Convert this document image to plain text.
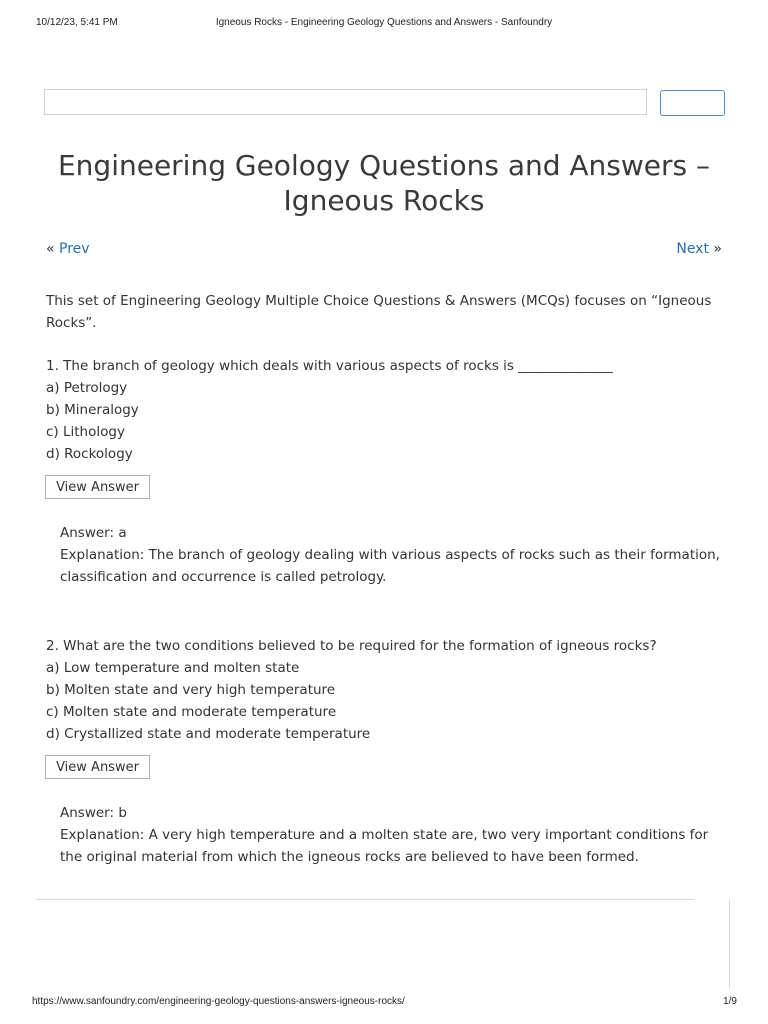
10/12/23, 5:41 PM	Igneous Rocks - Engineering Geology Questions and Answers - Sanfoundry
Engineering Geology Questions and Answers – Igneous Rocks
« Prev	Next »

This set of Engineering Geology Multiple Choice Questions & Answers (MCQs) focuses on “Igneous Rocks”.

1. The branch of geology which deals with various aspects of rocks is ______________

a) Petrology

b) Mineralogy

c) Lithology

d) Rockology

View Answer

Answer: a

Explanation: The branch of geology dealing with various aspects of rocks such as their formation, classification and occurrence is called petrology.

2. What are the two conditions believed to be required for the formation of igneous rocks?

a) Low temperature and molten state

b) Molten state and very high temperature

c) Molten state and moderate temperature

d) Crystallized state and moderate temperature

View Answer

Answer: b

Explanation: A very high temperature and a molten state are, two very important conditions for the original material from which the igneous rocks are believed to have been formed.

https://www.sanfoundry.com/engineering-geology-questions-answers-igneous-rocks/	1/9
